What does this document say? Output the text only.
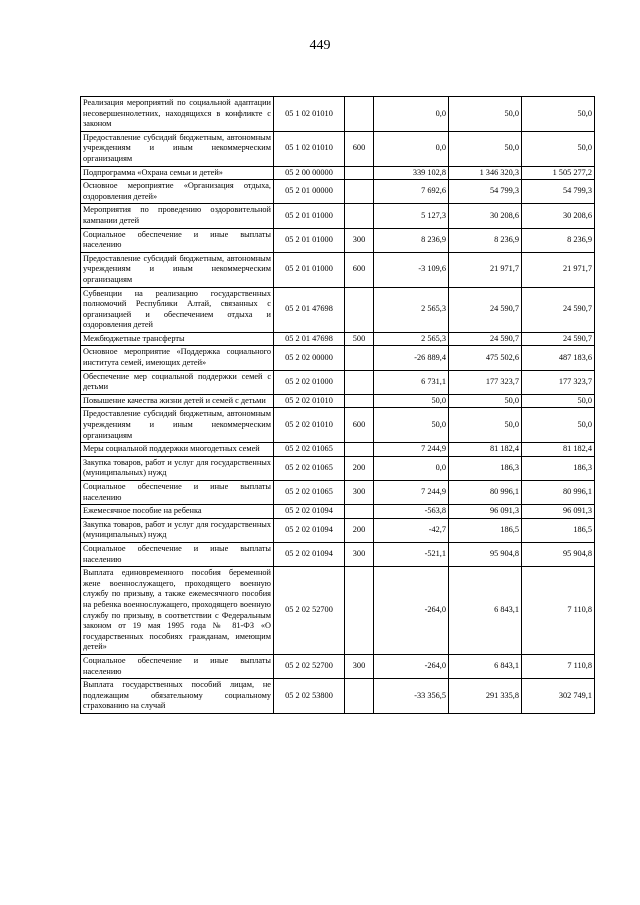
449
Реализация мероприятий по социальной адаптации несовершеннолетних, находящихся в конфликте с законом	05 1 02 01010		0,0	50,0	50,0
Предоставление субсидий бюджетным, автономным учреждениям и иным некоммерческим организациям	05 1 02 01010	600	0,0	50,0	50,0
Подпрограмма «Охрана семьи и детей»	05 2 00 00000		339 102,8	1 346 320,3	1 505 277,2
Основное мероприятие «Организация отдыха, оздоровления детей»	05 2 01 00000		7 692,6	54 799,3	54 799,3
Мероприятия по проведению оздоровительной кампании детей	05 2 01 01000		5 127,3	30 208,6	30 208,6
Социальное обеспечение и иные выплаты населению	05 2 01 01000	300	8 236,9	8 236,9	8 236,9
Предоставление субсидий бюджетным, автономным учреждениям и иным некоммерческим организациям	05 2 01 01000	600	-3 109,6	21 971,7	21 971,7
Субвенции на реализацию государственных полномочий Республики Алтай, связанных с организацией и обеспечением отдыха и оздоровления детей	05 2 01 47698		2 565,3	24 590,7	24 590,7
Межбюджетные трансферты	05 2 01 47698	500	2 565,3	24 590,7	24 590,7
Основное мероприятие «Поддержка социального института семей, имеющих детей»	05 2 02 00000		-26 889,4	475 502,6	487 183,6
Обеспечение мер социальной поддержки семей с детьми	05 2 02 01000		6 731,1	177 323,7	177 323,7
Повышение качества жизни детей и семей с детьми	05 2 02 01010		50,0	50,0	50,0
Предоставление субсидий бюджетным, автономным учреждениям и иным некоммерческим организациям	05 2 02 01010	600	50,0	50,0	50,0
Меры социальной поддержки многодетных семей	05 2 02 01065		7 244,9	81 182,4	81 182,4
Закупка товаров, работ и услуг для государственных (муниципальных) нужд	05 2 02 01065	200	0,0	186,3	186,3
Социальное обеспечение и иные выплаты населению	05 2 02 01065	300	7 244,9	80 996,1	80 996,1
Ежемесячное пособие на ребенка	05 2 02 01094		-563,8	96 091,3	96 091,3
Закупка товаров, работ и услуг для государственных (муниципальных) нужд	05 2 02 01094	200	-42,7	186,5	186,5
Социальное обеспечение и иные выплаты населению	05 2 02 01094	300	-521,1	95 904,8	95 904,8
Выплата единовременного пособия беременной жене военнослужащего, проходящего военную службу по призыву, а также ежемесячного пособия на ребенка военнослужащего, проходящего военную службу по призыву, в соответствии с Федеральным законом от 19 мая 1995 года № 81-ФЗ «О государственных пособиях гражданам, имеющим детей»	05 2 02 52700		-264,0	6 843,1	7 110,8
Социальное обеспечение и иные выплаты населению	05 2 02 52700	300	-264,0	6 843,1	7 110,8
Выплата государственных пособий лицам, не подлежащим обязательному социальному страхованию на случай	05 2 02 53800		-33 356,5	291 335,8	302 749,1
